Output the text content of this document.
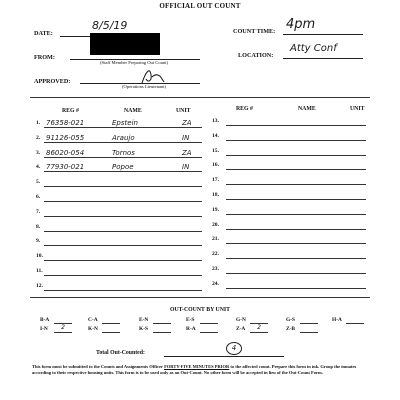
OFFICIAL OUT COUNT
DATE:
8/5/19	COUNT TIME: 4pm
FROM:
(Staff Member Preparing Out Count)
LOCATION:
Atty Conf
APPROVED:
(Operations Lieutenant)
REG #	NAME	UNIT	REG #	NAME	UNIT
1. 76358-021	Epstein	ZA
2. 91126-055	Araujo	IN
3. 86020-054	Tornos	ZA
4. 77930-021	Popoe	IN
5.
6.
7.
8.
9.
10.
11.
12.
13.
14.
15.
16.
17.
18.
19.
20.
21.
22.
23.
24.
OUT-COUNT BY UNIT
B-A	C-A	E-N	E-S	G-N	G-S	H-A
I-N	2	K-N	K-S	R-A	Z-A	2	Z-B
Total Out-Counted:
4
This form must be submitted to the Counts and Assignments Officer FORTY-FIVE MINUTES PRIOR to the affected count. Prepare this form in ink. Group the inmates according to their respective housing units. This form is to be used only as an Out-Count. No other form will be accepted in lieu of the Out-Count Form.
